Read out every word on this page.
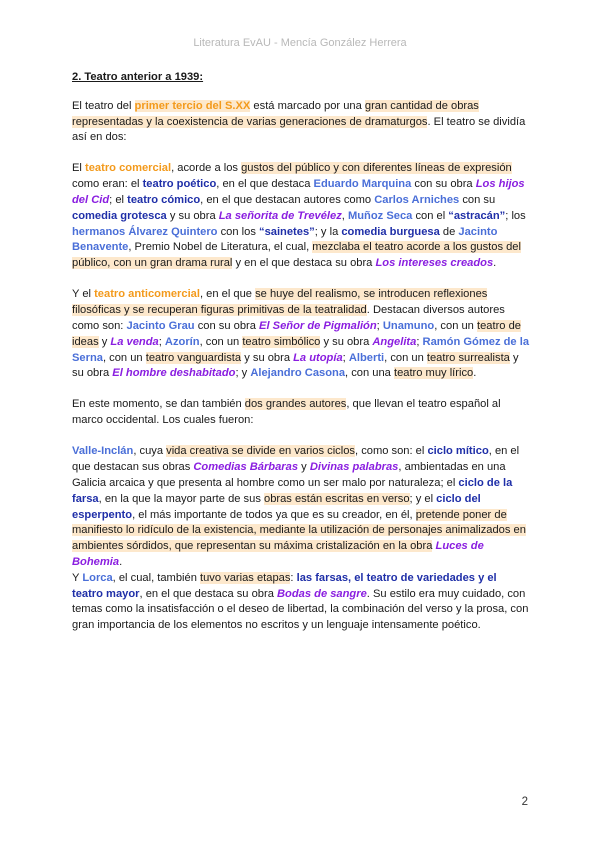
Literatura EvAU - Mencía González Herrera
2. Teatro anterior a 1939:

El teatro del primer tercio del S.XX está marcado por una gran cantidad de obras representadas y la coexistencia de varias generaciones de dramaturgos. El teatro se dividía así en dos:

El teatro comercial, acorde a los gustos del público y con diferentes líneas de expresión como eran: el teatro poético, en el que destaca Eduardo Marquina con su obra Los hijos del Cid; el teatro cómico, en el que destacan autores como Carlos Arniches con su comedia grotesca y su obra La señorita de Trevélez, Muñoz Seca con el “astracán”; los hermanos Álvarez Quintero con los “sainetes”; y la comedia burguesa de Jacinto Benavente, Premio Nobel de Literatura, el cual, mezclaba el teatro acorde a los gustos del público, con un gran drama rural y en el que destaca su obra Los intereses creados.

Y el teatro anticomercial, en el que se huye del realismo, se introducen reflexiones filosóficas y se recuperan figuras primitivas de la teatralidad. Destacan diversos autores como son: Jacinto Grau con su obra El Señor de Pigmalión; Unamuno, con un teatro de ideas y La venda; Azorín, con un teatro simbólico y su obra Angelita; Ramón Gómez de la Serna, con un teatro vanguardista y su obra La utopía; Alberti, con un teatro surrealista y su obra El hombre deshabitado; y Alejandro Casona, con una teatro muy lírico.

En este momento, se dan también dos grandes autores, que llevan el teatro español al marco occidental. Los cuales fueron:

Valle-Inclán, cuya vida creativa se divide en varios ciclos, como son: el ciclo mítico, en el que destacan sus obras Comedias Bárbaras y Divinas palabras, ambientadas en una Galicia arcaica y que presenta al hombre como un ser malo por naturaleza; el ciclo de la farsa, en la que la mayor parte de sus obras están escritas en verso; y el ciclo del esperpento, el más importante de todos ya que es su creador, en él, pretende poner de manifiesto lo ridículo de la existencia, mediante la utilización de personajes animalizados en ambientes sórdidos, que representan su máxima cristalización en la obra Luces de Bohemia.

Y Lorca, el cual, también tuvo varias etapas: las farsas, el teatro de variedades y el teatro mayor, en el que destaca su obra Bodas de sangre. Su estilo era muy cuidado, con temas como la insatisfacción o el deseo de libertad, la combinación del verso y la prosa, con gran importancia de los elementos no escritos y un lenguaje intensamente poético.

2
